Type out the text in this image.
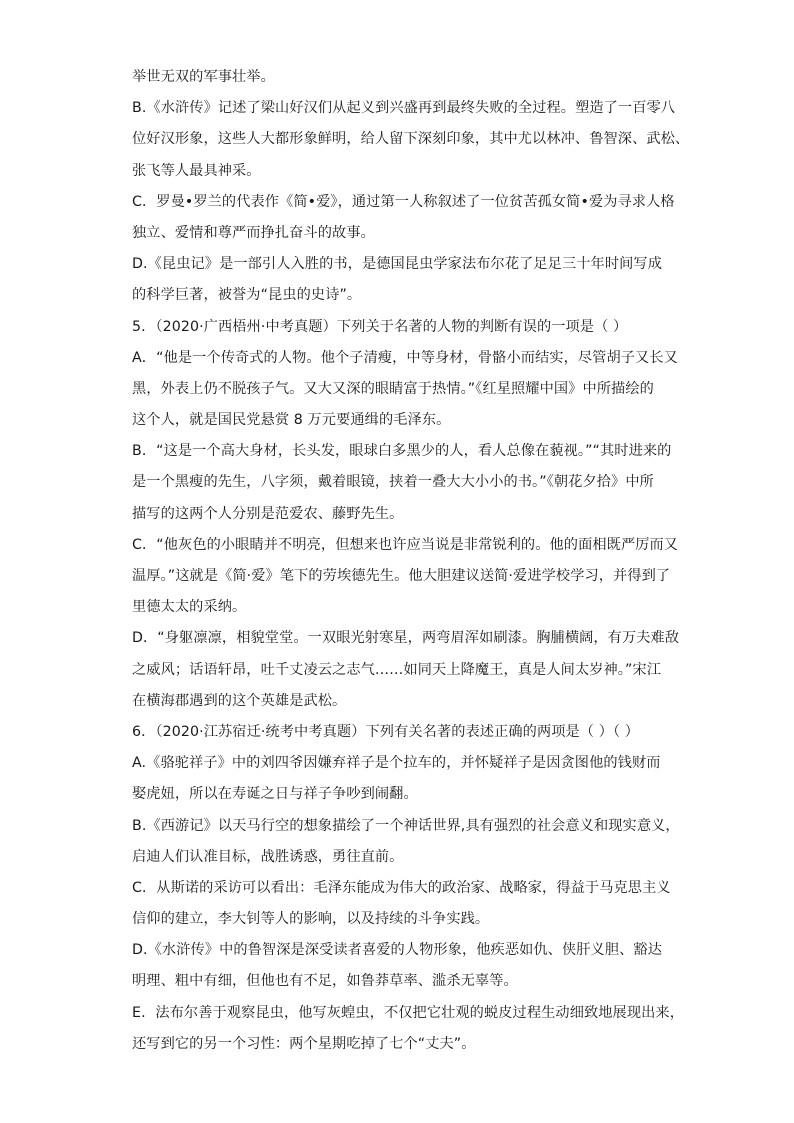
举世无双的军事壮举。
B.《水浒传》记述了梁山好汉们从起义到兴盛再到最终失败的全过程。塑造了一百零八
位好汉形象，这些人大都形象鲜明，给人留下深刻印象，其中尤以林冲、鲁智深、武松、
张飞等人最具神采。
C．罗曼•罗兰的代表作《简•爱》，通过第一人称叙述了一位贫苦孤女简•爱为寻求人格
独立、爱情和尊严而挣扎奋斗的故事。
D.《昆虫记》是一部引人入胜的书，是德国昆虫学家法布尔花了足足三十年时间写成
的科学巨著，被誉为“昆虫的史诗”。
5．（2020·广西梧州·中考真题）下列关于名著的人物的判断有误的一项是（ ）
A．“他是一个传奇式的人物。他个子清瘦，中等身材，骨骼小而结实，尽管胡子又长又
黑，外表上仍不脱孩子气。又大又深的眼睛富于热情。”《红星照耀中国》中所描绘的
这个人，就是国民党悬赏 8 万元要通缉的毛泽东。
B．“这是一个高大身材，长头发，眼球白多黑少的人，看人总像在藐视。”“其时进来的
是一个黑瘦的先生，八字须，戴着眼镜，挟着一叠大大小小的书。”《朝花夕拾》中所
描写的这两个人分别是范爱农、藤野先生。
C．“他灰色的小眼睛并不明亮，但想来也许应当说是非常锐利的。他的面相既严厉而又
温厚。”这就是《简·爱》笔下的劳埃德先生。他大胆建议送简·爱进学校学习，并得到了
里德太太的采纳。
D．“身躯凛凛，相貌堂堂。一双眼光射寒星，两弯眉浑如刷漆。胸脯横阔，有万夫难敌
之威风；话语轩昂，吐千丈凌云之志气……如同天上降魔王，真是人间太岁神。”宋江
在横海郡遇到的这个英雄是武松。
6．（2020·江苏宿迁·统考中考真题）下列有关名著的表述正确的两项是（ ）（ ）
A.《骆驼祥子》中的刘四爷因嫌弃祥子是个拉车的，并怀疑祥子是因贪图他的钱财而
娶虎妞，所以在寿诞之日与祥子争吵到闹翻。
B.《西游记》以天马行空的想象描绘了一个神话世界,具有强烈的社会意义和现实意义，
启迪人们认准目标，战胜诱惑，勇往直前。
C．从斯诺的采访可以看出：毛泽东能成为伟大的政治家、战略家，得益于马克思主义
信仰的建立，李大钊等人的影响，以及持续的斗争实践。
D.《水浒传》中的鲁智深是深受读者喜爱的人物形象，他疾恶如仇、侠肝义胆、豁达
明理、粗中有细，但他也有不足，如鲁莽草率、滥杀无辜等。
E．法布尔善于观察昆虫，他写灰蝗虫，不仅把它壮观的蜕皮过程生动细致地展现出来，
还写到它的另一个习性：两个星期吃掉了七个“丈夫”。
